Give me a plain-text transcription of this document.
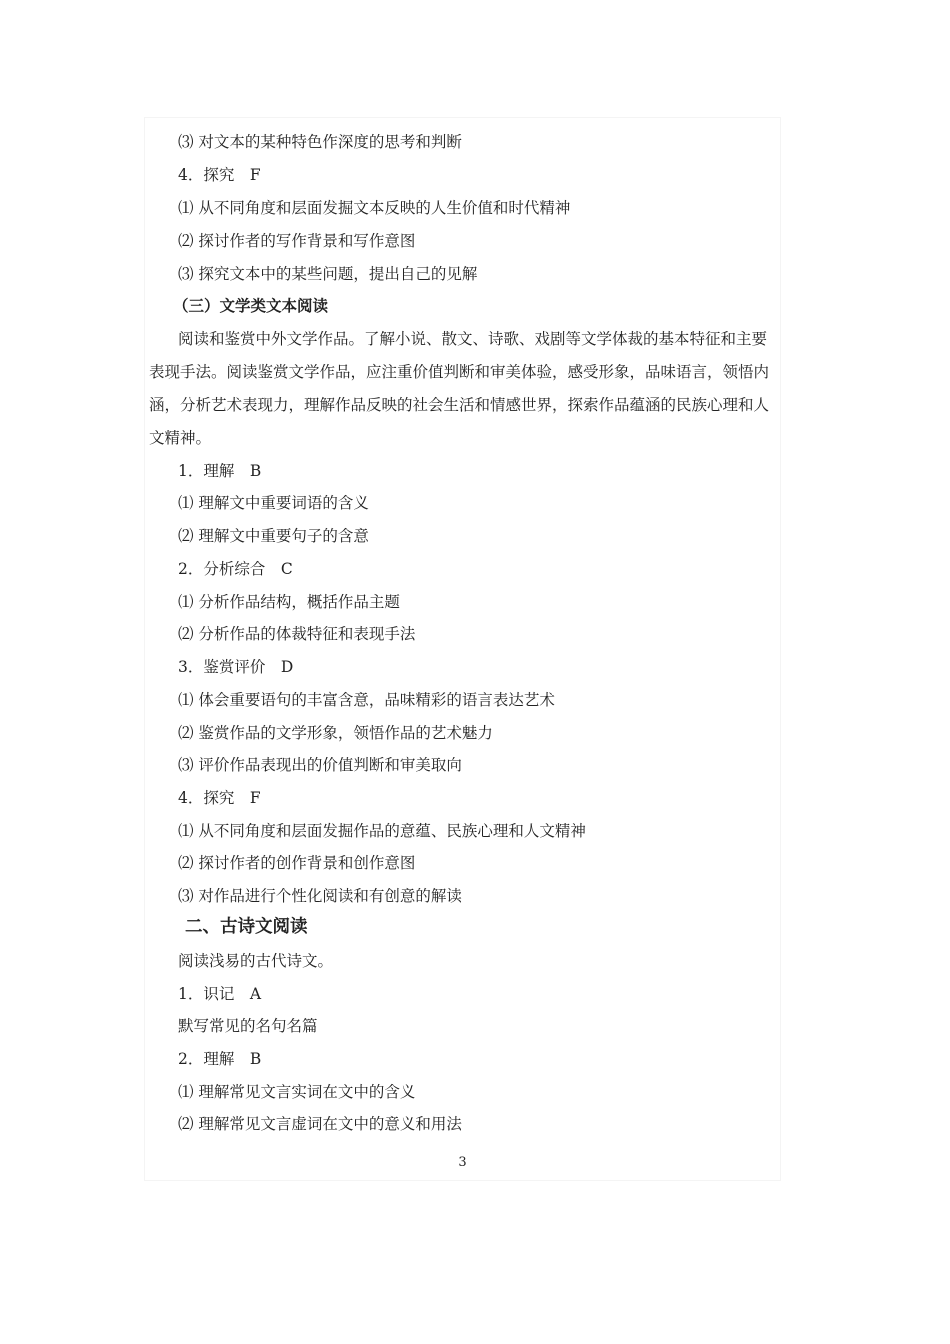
⑶ 对文本的某种特色作深度的思考和判断
4．探究　F
⑴ 从不同角度和层面发掘文本反映的人生价值和时代精神
⑵ 探讨作者的写作背景和写作意图
⑶ 探究文本中的某些问题，提出自己的见解
（三）文学类文本阅读
阅读和鉴赏中外文学作品。了解小说、散文、诗歌、戏剧等文学体裁的基本特征和主要
表现手法。阅读鉴赏文学作品，应注重价值判断和审美体验，感受形象，品味语言，领悟内
涵，分析艺术表现力，理解作品反映的社会生活和情感世界，探索作品蕴涵的民族心理和人
文精神。
1．理解　B
⑴ 理解文中重要词语的含义
⑵ 理解文中重要句子的含意
2．分析综合　C
⑴ 分析作品结构，概括作品主题
⑵ 分析作品的体裁特征和表现手法
3．鉴赏评价　D
⑴ 体会重要语句的丰富含意，品味精彩的语言表达艺术
⑵ 鉴赏作品的文学形象，领悟作品的艺术魅力
⑶ 评价作品表现出的价值判断和审美取向
4．探究　F
⑴ 从不同角度和层面发掘作品的意蕴、民族心理和人文精神
⑵ 探讨作者的创作背景和创作意图
⑶ 对作品进行个性化阅读和有创意的解读
二、古诗文阅读
阅读浅易的古代诗文。
1．识记　A
默写常见的名句名篇
2．理解　B
⑴ 理解常见文言实词在文中的含义
⑵ 理解常见文言虚词在文中的意义和用法
3
